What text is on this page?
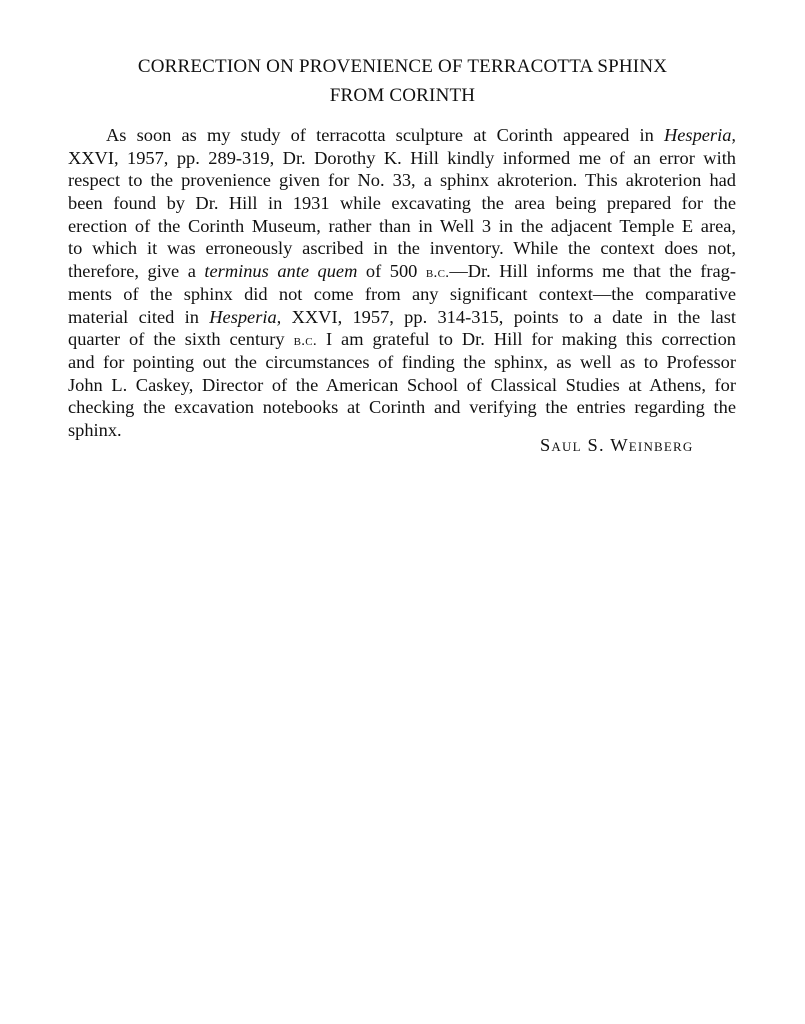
CORRECTION ON PROVENIENCE OF TERRACOTTA SPHINX
FROM CORINTH
As soon as my study of terracotta sculpture at Corinth appeared in Hesperia,
XXVI, 1957, pp. 289-319, Dr. Dorothy K. Hill kindly informed me of an error with
respect to the provenience given for No. 33, a sphinx akroterion. This akroterion had
been found by Dr. Hill in 1931 while excavating the area being prepared for the
erection of the Corinth Museum, rather than in Well 3 in the adjacent Temple E area,
to which it was erroneously ascribed in the inventory. While the context does not,
therefore, give a terminus ante quem of 500 b.c.—Dr. Hill informs me that the frag-
ments of the sphinx did not come from any significant context—the comparative
material cited in Hesperia, XXVI, 1957, pp. 314-315, points to a date in the last
quarter of the sixth century b.c. I am grateful to Dr. Hill for making this correction
and for pointing out the circumstances of finding the sphinx, as well as to Professor
John L. Caskey, Director of the American School of Classical Studies at Athens, for
checking the excavation notebooks at Corinth and verifying the entries regarding the
sphinx.
Saul S. Weinberg
